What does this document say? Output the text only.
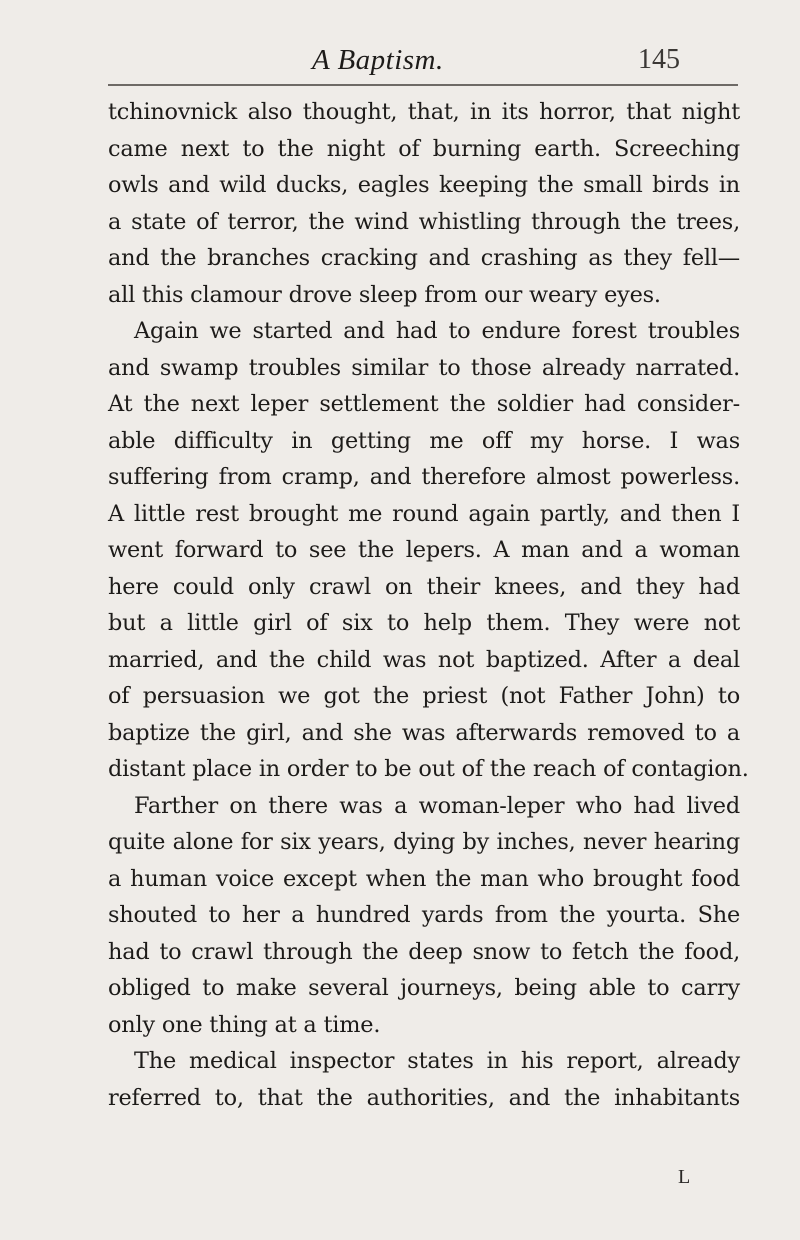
A Baptism.	145
tchinovnick also thought, that, in its horror, that night
came next to the night of burning earth. Screeching
owls and wild ducks, eagles keeping the small birds in
a state of terror, the wind whistling through the trees,
and the branches cracking and crashing as they fell—
all this clamour drove sleep from our weary eyes.
Again we started and had to endure forest troubles
and swamp troubles similar to those already narrated.
At the next leper settlement the soldier had consider-
able difficulty in getting me off my horse. I was
suffering from cramp, and therefore almost powerless.
A little rest brought me round again partly, and then I
went forward to see the lepers. A man and a woman
here could only crawl on their knees, and they had
but a little girl of six to help them. They were not
married, and the child was not baptized. After a deal
of persuasion we got the priest (not Father John) to
baptize the girl, and she was afterwards removed to a
distant place in order to be out of the reach of contagion.
Farther on there was a woman-leper who had lived
quite alone for six years, dying by inches, never hearing
a human voice except when the man who brought food
shouted to her a hundred yards from the yourta. She
had to crawl through the deep snow to fetch the food,
obliged to make several journeys, being able to carry
only one thing at a time.
The medical inspector states in his report, already
referred to, that the authorities, and the inhabitants
L
